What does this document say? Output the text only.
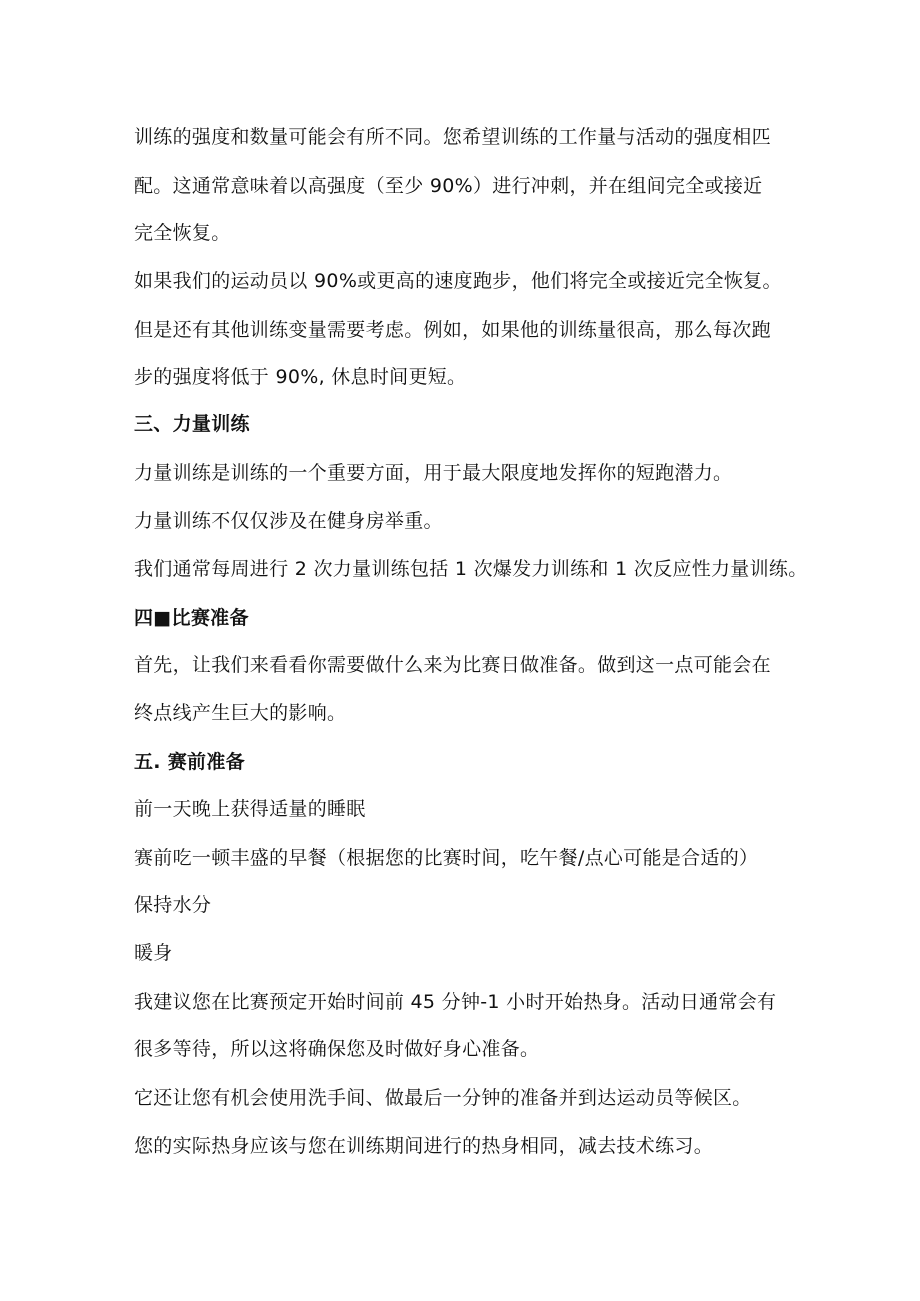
训练的强度和数量可能会有所不同。您希望训练的工作量与活动的强度相匹
配。这通常意味着以高强度（至少 90%）进行冲刺，并在组间完全或接近
完全恢复。
如果我们的运动员以 90%或更高的速度跑步，他们将完全或接近完全恢复。
但是还有其他训练变量需要考虑。例如，如果他的训练量很高，那么每次跑
步的强度将低于 90%, 休息时间更短。
三、力量训练
力量训练是训练的一个重要方面，用于最大限度地发挥你的短跑潜力。
力量训练不仅仅涉及在健身房举重。
我们通常每周进行 2 次力量训练包括 1 次爆发力训练和 1 次反应性力量训练。
四■比赛准备
首先，让我们来看看你需要做什么来为比赛日做准备。做到这一点可能会在
终点线产生巨大的影响。
五. 赛前准备
前一天晚上获得适量的睡眠
赛前吃一顿丰盛的早餐（根据您的比赛时间，吃午餐/点心可能是合适的）
保持水分
暖身
我建议您在比赛预定开始时间前 45 分钟-1 小时开始热身。活动日通常会有
很多等待，所以这将确保您及时做好身心准备。
它还让您有机会使用洗手间、做最后一分钟的准备并到达运动员等候区。
您的实际热身应该与您在训练期间进行的热身相同，减去技术练习。
